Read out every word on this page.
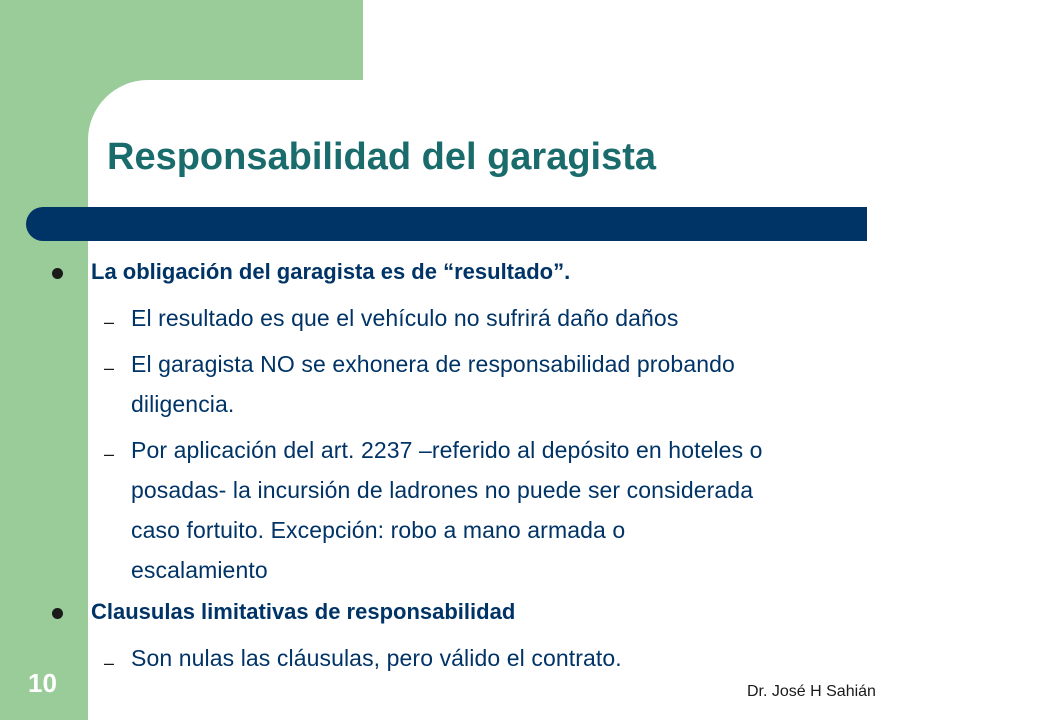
Responsabilidad del garagista
La obligación del garagista es de “resultado”.
– El resultado es que el vehículo no sufrirá daño daños
– El garagista NO se exhonera de responsabilidad probando
diligencia.
– Por aplicación del art. 2237 –referido al depósito en hoteles o
posadas- la incursión de ladrones no puede ser considerada
caso fortuito. Excepción: robo a mano armada o
escalamiento
Clausulas limitativas de responsabilidad
– Son nulas las cláusulas, pero válido el contrato.
10	Dr. José H Sahián
